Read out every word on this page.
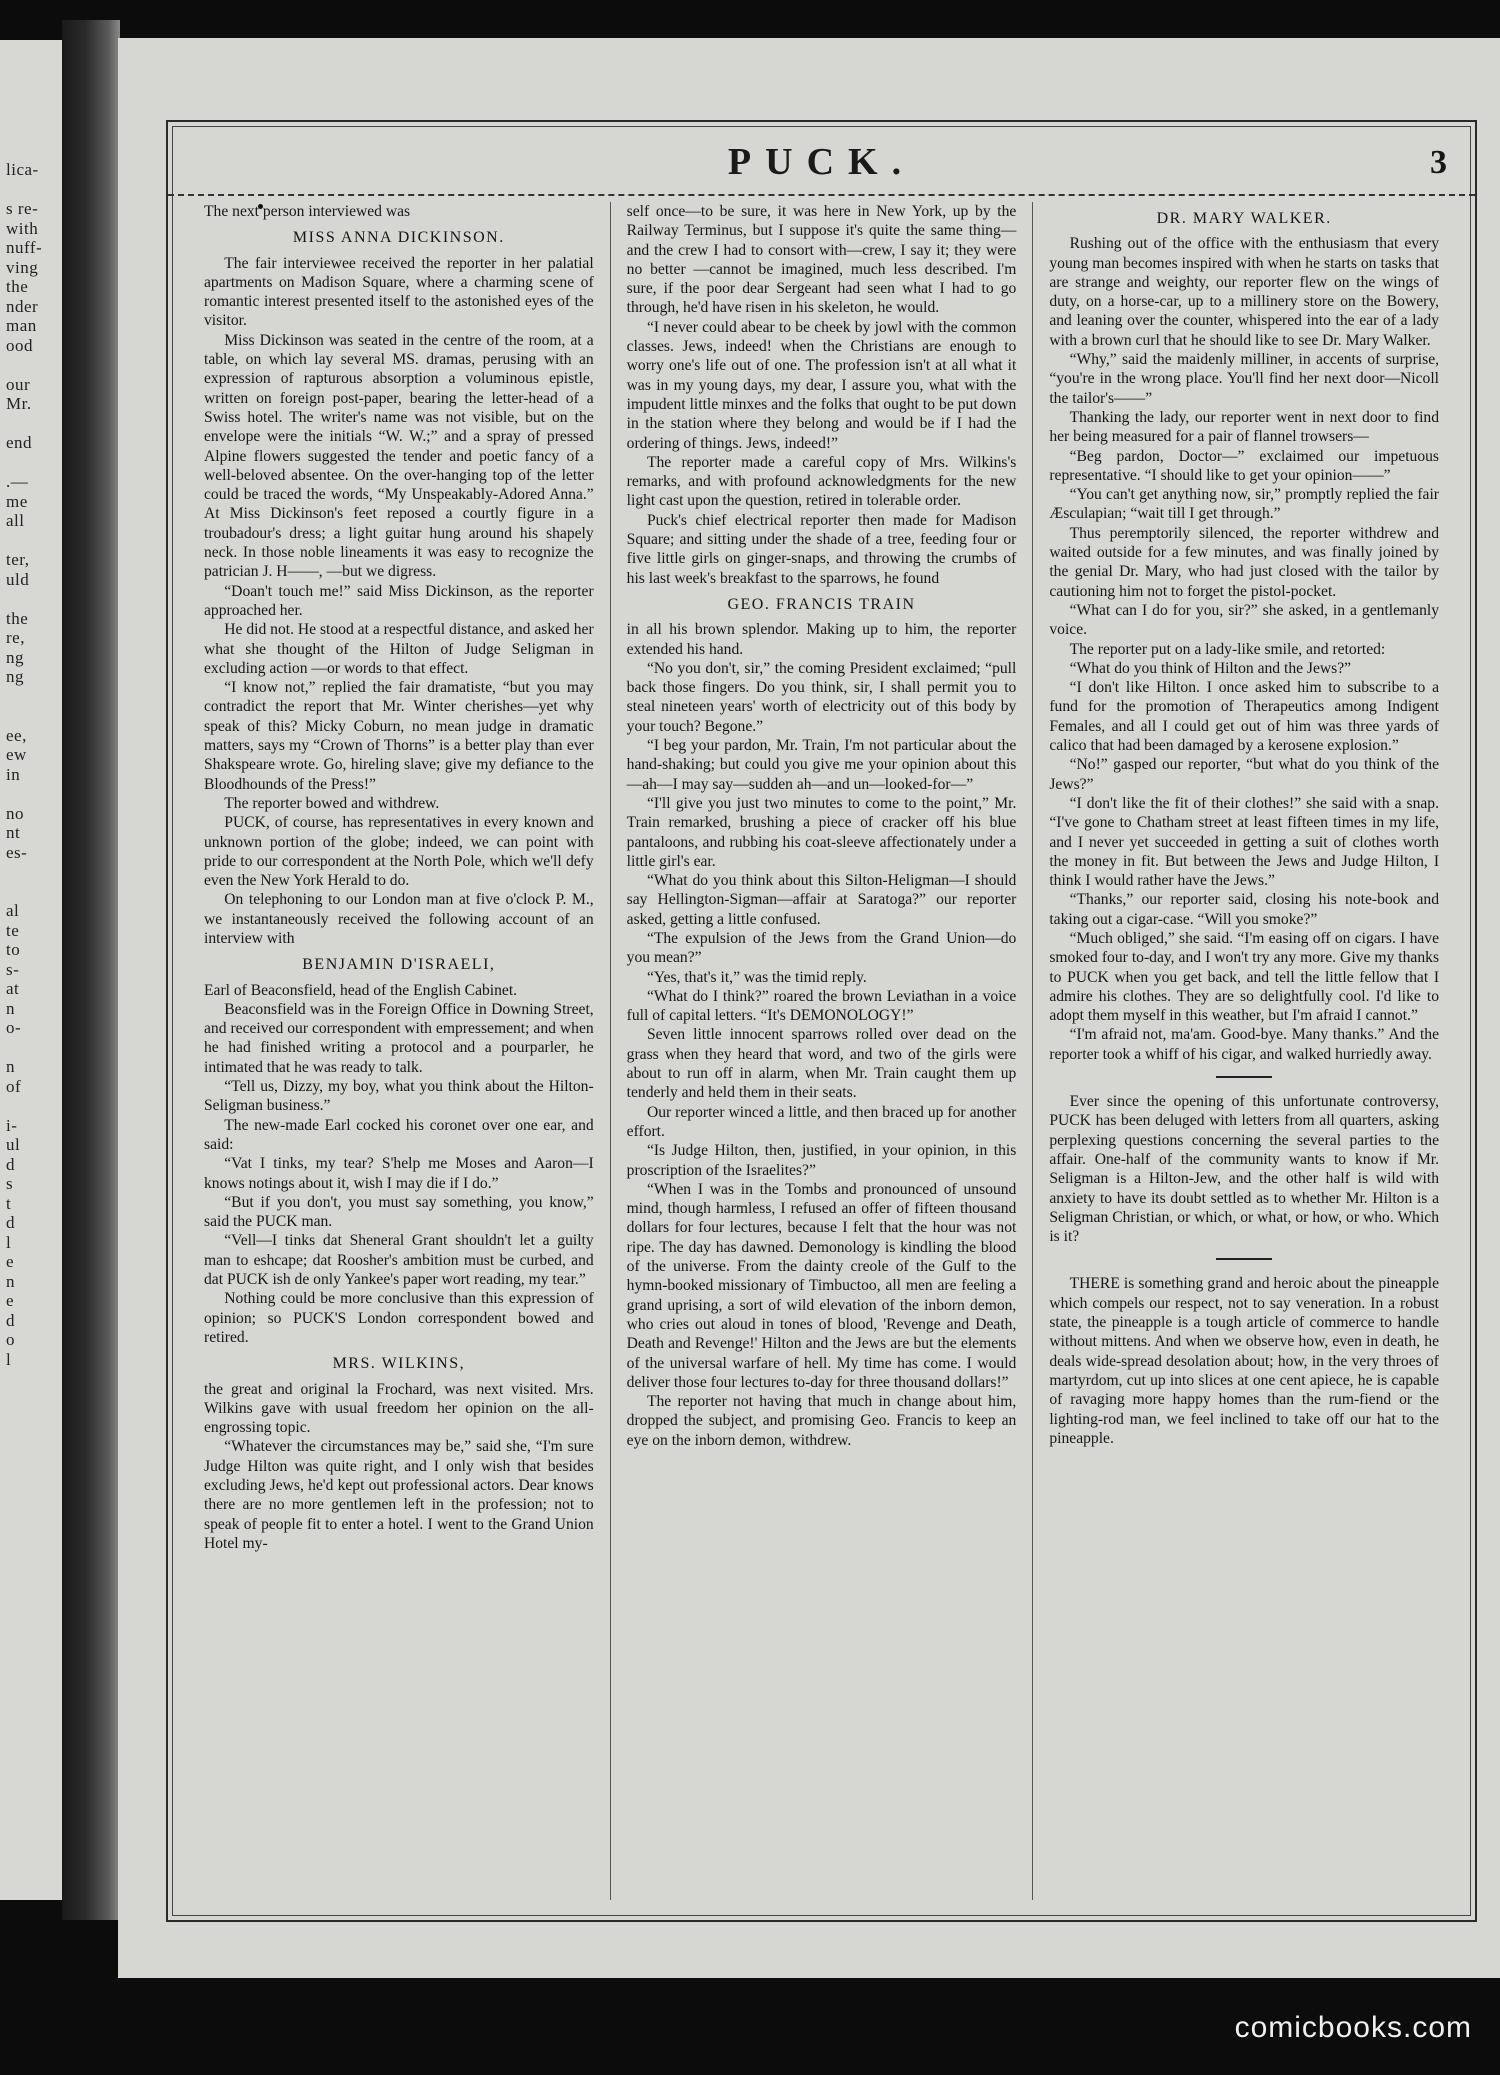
lica-

s re-
with
nuff-
ving
the
nder
man
ood

our
Mr.

end

.—
me
all

ter,
uld

the
re,
ng
ng

ee,
ew
in

no
nt
es-

al
te
to
s-
at
n
o-

n
of

i-
ul
d
s
t
d
l
e
n
e
d
o
l
PUCK.	3

The next person interviewed was

MISS ANNA DICKINSON.

The fair interviewee received the reporter in her palatial apartments on Madison Square, where a charming scene of romantic interest presented itself to the astonished eyes of the visitor.

Miss Dickinson was seated in the centre of the room, at a table, on which lay several MS. dramas, perusing with an expression of rapturous absorption a voluminous epistle, written on foreign post-paper, bearing the letter-head of a Swiss hotel. The writer's name was not visible, but on the envelope were the initials “W. W.;” and a spray of pressed Alpine flowers suggested the tender and poetic fancy of a well-beloved absentee. On the over-hanging top of the letter could be traced the words, “My Unspeakably-Adored Anna.” At Miss Dickinson's feet reposed a courtly figure in a troubadour's dress; a light guitar hung around his shapely neck. In those noble lineaments it was easy to recognize the patrician J. H——, —but we digress.

“Doan't touch me!” said Miss Dickinson, as the reporter approached her.

He did not. He stood at a respectful distance, and asked her what she thought of the Hilton of Judge Seligman in excluding action —or words to that effect.

“I know not,” replied the fair dramatiste, “but you may contradict the report that Mr. Winter cherishes—yet why speak of this? Micky Coburn, no mean judge in dramatic matters, says my “Crown of Thorns” is a better play than ever Shakspeare wrote. Go, hireling slave; give my defiance to the Bloodhounds of the Press!”

The reporter bowed and withdrew.

PUCK, of course, has representatives in every known and unknown portion of the globe; indeed, we can point with pride to our correspondent at the North Pole, which we'll defy even the New York Herald to do.

On telephoning to our London man at five o'clock P. M., we instantaneously received the following account of an interview with

BENJAMIN D'ISRAELI,

Earl of Beaconsfield, head of the English Cabinet.

Beaconsfield was in the Foreign Office in Downing Street, and received our correspondent with empressement; and when he had finished writing a protocol and a pourparler, he intimated that he was ready to talk.

“Tell us, Dizzy, my boy, what you think about the Hilton-Seligman business.”

The new-made Earl cocked his coronet over one ear, and said:

“Vat I tinks, my tear? S'help me Moses and Aaron—I knows notings about it, wish I may die if I do.”

“But if you don't, you must say something, you know,” said the PUCK man.

“Vell—I tinks dat Sheneral Grant shouldn't let a guilty man to eshcape; dat Roosher's ambition must be curbed, and dat PUCK ish de only Yankee's paper wort reading, my tear.”

Nothing could be more conclusive than this expression of opinion; so PUCK'S London correspondent bowed and retired.

MRS. WILKINS,

the great and original la Frochard, was next visited. Mrs. Wilkins gave with usual freedom her opinion on the all-engrossing topic.

“Whatever the circumstances may be,” said she, “I'm sure Judge Hilton was quite right, and I only wish that besides excluding Jews, he'd kept out professional actors. Dear knows there are no more gentlemen left in the profession; not to speak of people fit to enter a hotel. I went to the Grand Union Hotel my-

self once—to be sure, it was here in New York, up by the Railway Terminus, but I suppose it's quite the same thing—and the crew I had to consort with—crew, I say it; they were no better —cannot be imagined, much less described. I'm sure, if the poor dear Sergeant had seen what I had to go through, he'd have risen in his skeleton, he would.

“I never could abear to be cheek by jowl with the common classes. Jews, indeed! when the Christians are enough to worry one's life out of one. The profession isn't at all what it was in my young days, my dear, I assure you, what with the impudent little minxes and the folks that ought to be put down in the station where they belong and would be if I had the ordering of things. Jews, indeed!”

The reporter made a careful copy of Mrs. Wilkins's remarks, and with profound acknowledgments for the new light cast upon the question, retired in tolerable order.

Puck's chief electrical reporter then made for Madison Square; and sitting under the shade of a tree, feeding four or five little girls on ginger-snaps, and throwing the crumbs of his last week's breakfast to the sparrows, he found

GEO. FRANCIS TRAIN

in all his brown splendor. Making up to him, the reporter extended his hand.

“No you don't, sir,” the coming President exclaimed; “pull back those fingers. Do you think, sir, I shall permit you to steal nineteen years' worth of electricity out of this body by your touch? Begone.”

“I beg your pardon, Mr. Train, I'm not particular about the hand-shaking; but could you give me your opinion about this—ah—I may say—sudden ah—and un—looked-for—”

“I'll give you just two minutes to come to the point,” Mr. Train remarked, brushing a piece of cracker off his blue pantaloons, and rubbing his coat-sleeve affectionately under a little girl's ear.

“What do you think about this Silton-Heligman—I should say Hellington-Sigman—affair at Saratoga?” our reporter asked, getting a little confused.

“The expulsion of the Jews from the Grand Union—do you mean?”

“Yes, that's it,” was the timid reply.

“What do I think?” roared the brown Leviathan in a voice full of capital letters. “It's DEMONOLOGY!”

Seven little innocent sparrows rolled over dead on the grass when they heard that word, and two of the girls were about to run off in alarm, when Mr. Train caught them up tenderly and held them in their seats.

Our reporter winced a little, and then braced up for another effort.

“Is Judge Hilton, then, justified, in your opinion, in this proscription of the Israelites?”

“When I was in the Tombs and pronounced of unsound mind, though harmless, I refused an offer of fifteen thousand dollars for four lectures, because I felt that the hour was not ripe. The day has dawned. Demonology is kindling the blood of the universe. From the dainty creole of the Gulf to the hymn-booked missionary of Timbuctoo, all men are feeling a grand uprising, a sort of wild elevation of the inborn demon, who cries out aloud in tones of blood, 'Revenge and Death, Death and Revenge!' Hilton and the Jews are but the elements of the universal warfare of hell. My time has come. I would deliver those four lectures to-day for three thousand dollars!”

The reporter not having that much in change about him, dropped the subject, and promising Geo. Francis to keep an eye on the inborn demon, withdrew.

DR. MARY WALKER.

Rushing out of the office with the enthusiasm that every young man becomes inspired with when he starts on tasks that are strange and weighty, our reporter flew on the wings of duty, on a horse-car, up to a millinery store on the Bowery, and leaning over the counter, whispered into the ear of a lady with a brown curl that he should like to see Dr. Mary Walker.

“Why,” said the maidenly milliner, in accents of surprise, “you're in the wrong place. You'll find her next door—Nicoll the tailor's——”

Thanking the lady, our reporter went in next door to find her being measured for a pair of flannel trowsers—

“Beg pardon, Doctor—” exclaimed our impetuous representative. “I should like to get your opinion——”

“You can't get anything now, sir,” promptly replied the fair Æsculapian; “wait till I get through.”

Thus peremptorily silenced, the reporter withdrew and waited outside for a few minutes, and was finally joined by the genial Dr. Mary, who had just closed with the tailor by cautioning him not to forget the pistol-pocket.

“What can I do for you, sir?” she asked, in a gentlemanly voice.

The reporter put on a lady-like smile, and retorted:

“What do you think of Hilton and the Jews?”

“I don't like Hilton. I once asked him to subscribe to a fund for the promotion of Therapeutics among Indigent Females, and all I could get out of him was three yards of calico that had been damaged by a kerosene explosion.”

“No!” gasped our reporter, “but what do you think of the Jews?”

“I don't like the fit of their clothes!” she said with a snap. “I've gone to Chatham street at least fifteen times in my life, and I never yet succeeded in getting a suit of clothes worth the money in fit. But between the Jews and Judge Hilton, I think I would rather have the Jews.”

“Thanks,” our reporter said, closing his note-book and taking out a cigar-case. “Will you smoke?”

“Much obliged,” she said. “I'm easing off on cigars. I have smoked four to-day, and I won't try any more. Give my thanks to PUCK when you get back, and tell the little fellow that I admire his clothes. They are so delightfully cool. I'd like to adopt them myself in this weather, but I'm afraid I cannot.”

“I'm afraid not, ma'am. Good-bye. Many thanks.” And the reporter took a whiff of his cigar, and walked hurriedly away.

Ever since the opening of this unfortunate controversy, PUCK has been deluged with letters from all quarters, asking perplexing questions concerning the several parties to the affair. One-half of the community wants to know if Mr. Seligman is a Hilton-Jew, and the other half is wild with anxiety to have its doubt settled as to whether Mr. Hilton is a Seligman Christian, or which, or what, or how, or who. Which is it?

THERE is something grand and heroic about the pineapple which compels our respect, not to say veneration. In a robust state, the pineapple is a tough article of commerce to handle without mittens. And when we observe how, even in death, he deals wide-spread desolation about; how, in the very throes of martyrdom, cut up into slices at one cent apiece, he is capable of ravaging more happy homes than the rum-fiend or the lighting-rod man, we feel inclined to take off our hat to the pineapple.

comicbooks.com
